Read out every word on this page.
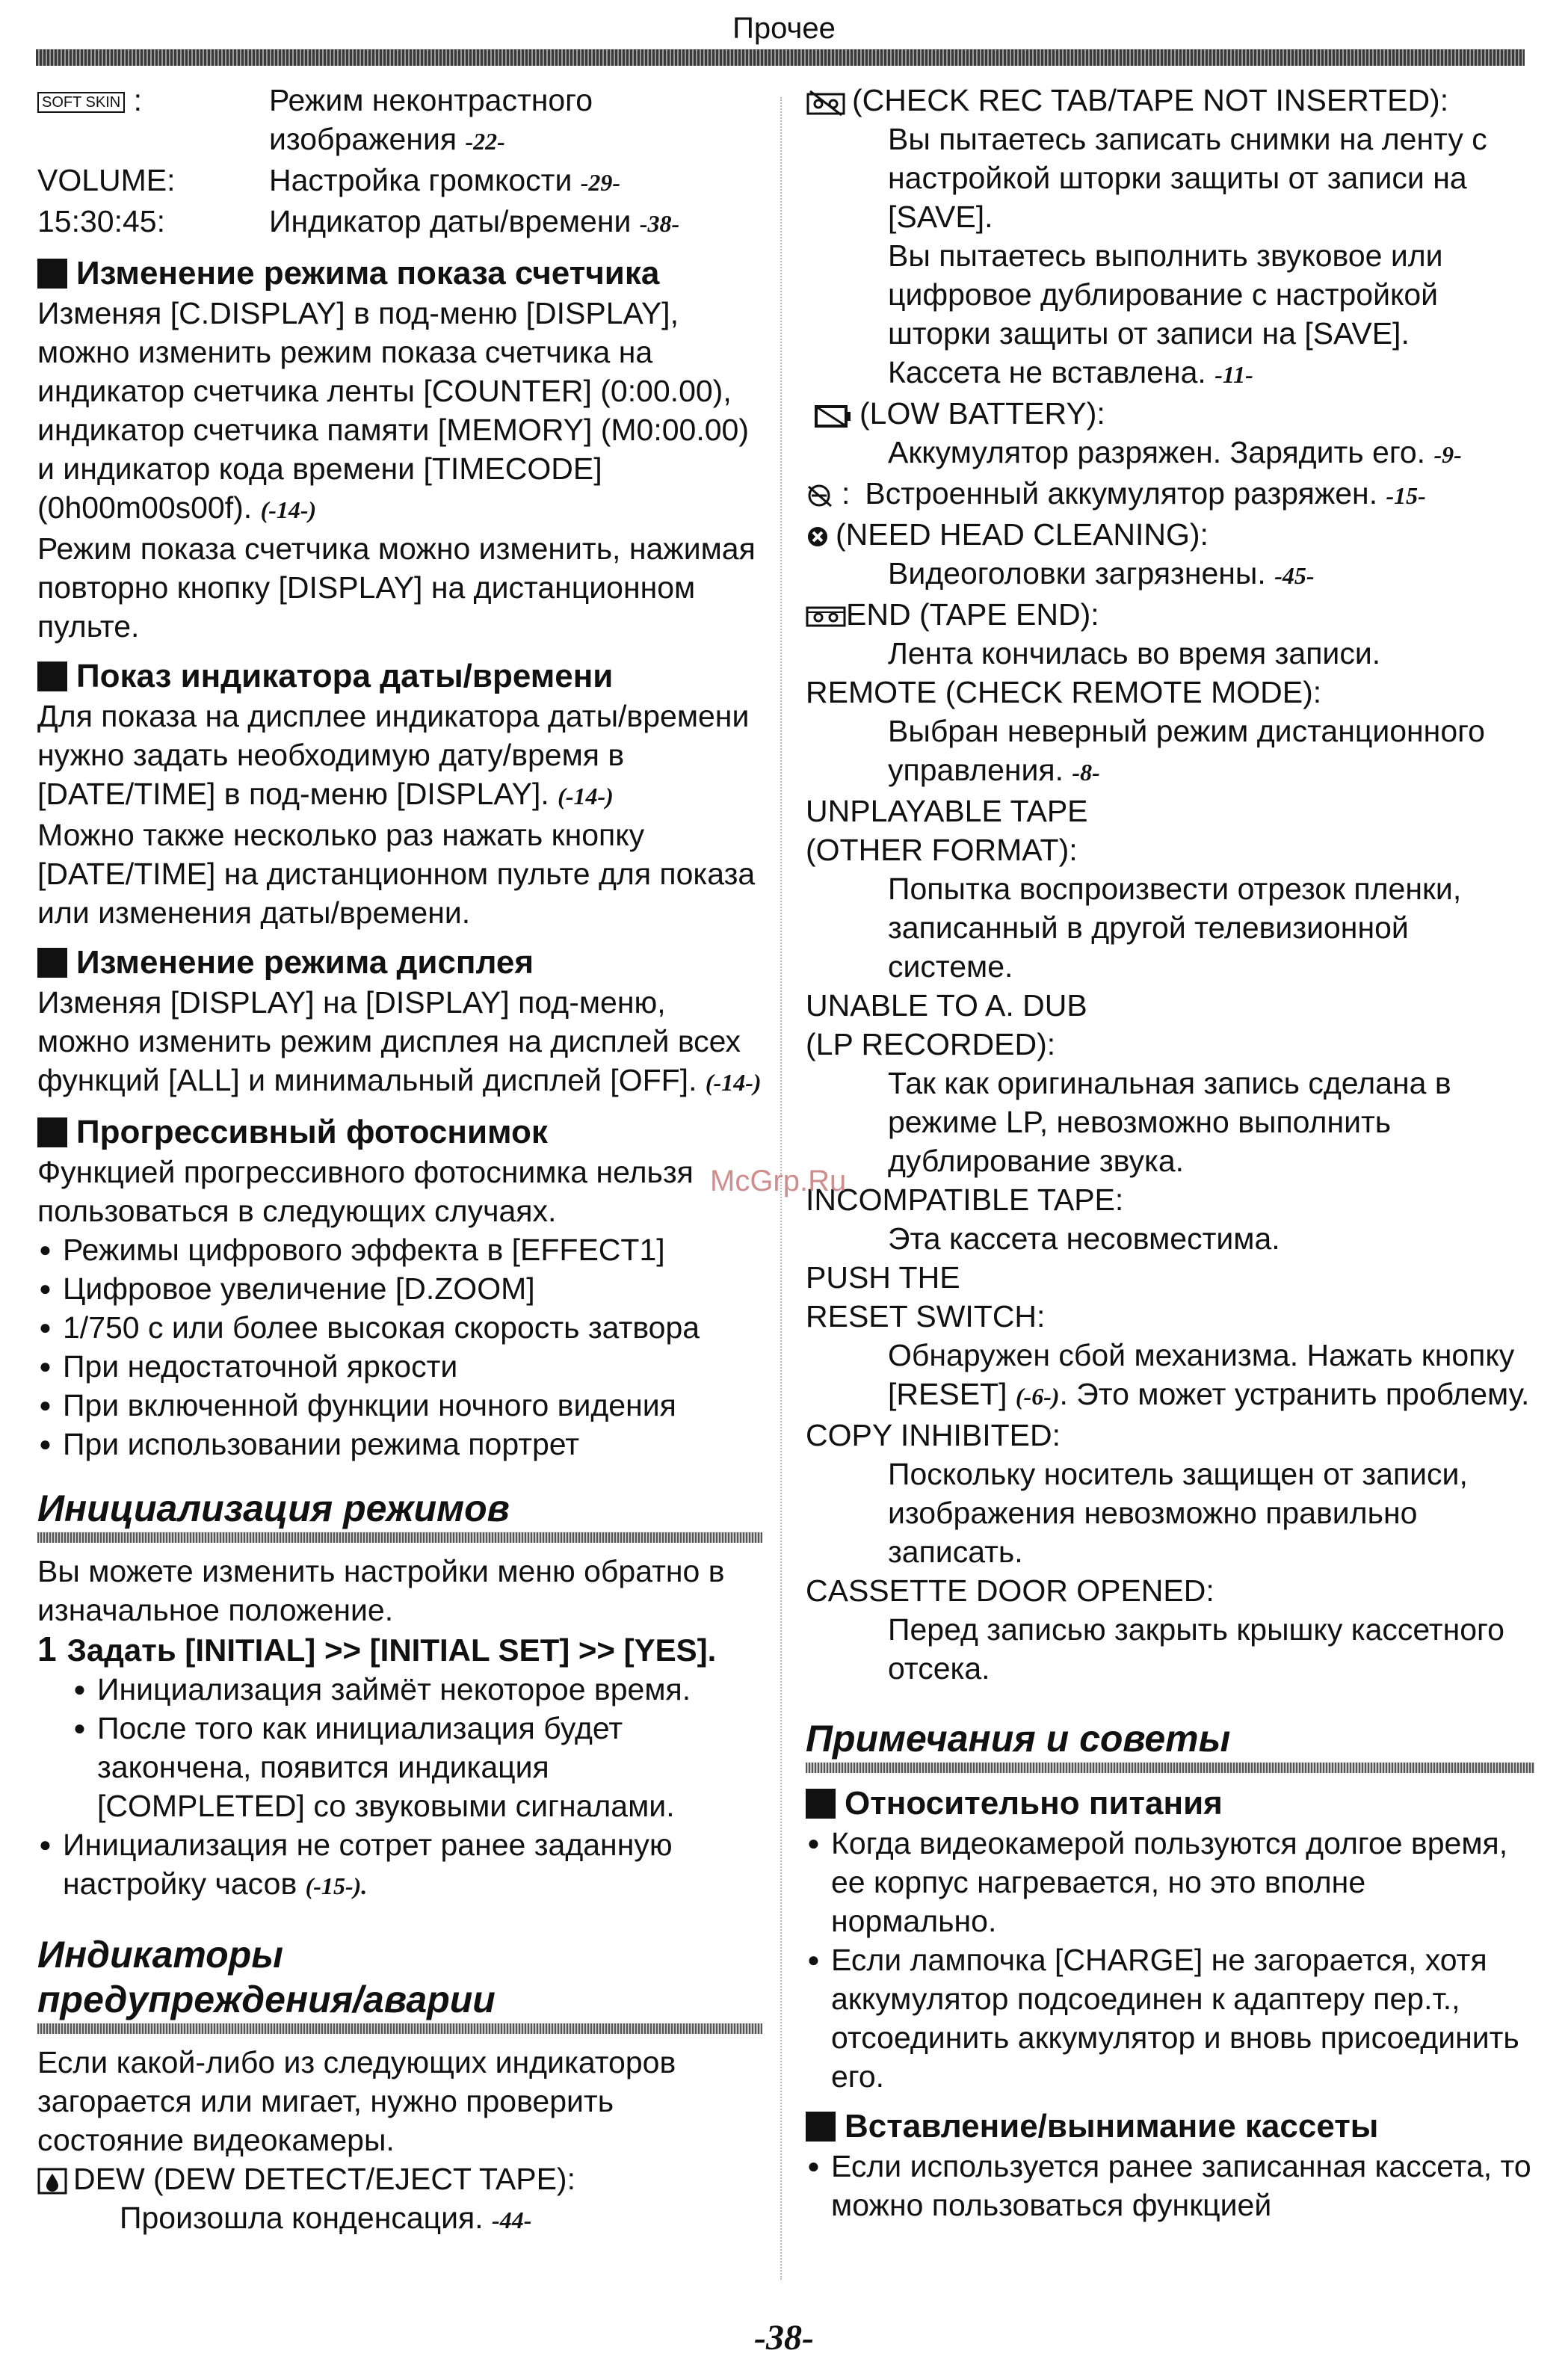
Прочее
SOFT SKIN :	Режим неконтрастного
изображения -22-
VOLUME:	Настройка громкости -29-
15:30:45:	Индикатор даты/времени -38-
Изменение режима показа счетчика

Изменяя [C.DISPLAY] в под-меню [DISPLAY], можно изменить режим показа счетчика на индикатор счетчика ленты [COUNTER] (0:00.00), индикатор счетчика памяти [MEMORY] (M0:00.00) и индикатор кода времени [TIMECODE] (0h00m00s00f). (-14-)

Режим показа счетчика можно изменить, нажимая повторно кнопку [DISPLAY] на дистанционном пульте.

Показ индикатора даты/времени

Для показа на дисплее индикатора даты/времени нужно задать необходимую дату/время в [DATE/TIME] в под-меню [DISPLAY]. (-14-)

Можно также несколько раз нажать кнопку [DATE/TIME] на дистанционном пульте для показа или изменения даты/времени.

Изменение режима дисплея

Изменяя [DISPLAY] на [DISPLAY] под-меню, можно изменить режим дисплея на дисплей всех функций [ALL] и минимальный дисплей [OFF]. (-14-)

Прогрессивный фотоснимок

Функцией прогрессивного фотоснимка нельзя пользоваться в следующих случаях.

● Режимы цифрового эффекта в [EFFECT1]
● Цифровое увеличение [D.ZOOM]
● 1/750 с или более высокая скорость затвора
● При недостаточной яркости
● При включенной функции ночного видения
● При использовании режима портрет
Инициализация режимов

Вы можете изменить настройки меню обратно в изначальное положение.

1 Задать [INITIAL] >> [INITIAL SET] >> [YES].

● Инициализация займёт некоторое время.
● После того как инициализация будет закончена, появится индикация [COMPLETED] со звуковыми сигналами.
● Инициализация не сотрет ранее заданную настройку часов (-15-).
Индикаторы
предупреждения/аварии

Если какой-либо из следующих индикаторов загорается или мигает, нужно проверить состояние видеокамеры.

DEW (DEW DETECT/EJECT TAPE):
Произошла конденсация. -44-
(CHECK REC TAB/TAPE NOT INSERTED):
Вы пытаетесь записать снимки на ленту с настройкой шторки защиты от записи на [SAVE].
Вы пытаетесь выполнить звуковое или цифровое дублирование с настройкой шторки защиты от записи на [SAVE].
Кассета не вставлена. -11-
(LOW BATTERY):
Аккумулятор разряжен. Зарядить его. -9-
: Встроенный аккумулятор разряжен. -15-
(NEED HEAD CLEANING):
Видеоголовки загрязнены. -45-
END (TAPE END):
Лента кончилась во время записи.
REMOTE (CHECK REMOTE MODE):
Выбран неверный режим дистанционного управления. -8-
UNPLAYABLE TAPE
(OTHER FORMAT):
Попытка воспроизвести отрезок пленки, записанный в другой телевизионной системе.
UNABLE TO A. DUB
(LP RECORDED):
Так как оригинальная запись сделана в режиме LP, невозможно выполнить дублирование звука.
INCOMPATIBLE TAPE:
Эта кассета несовместима.
PUSH THE
RESET SWITCH:
Обнаружен сбой механизма. Нажать кнопку [RESET] (-6-). Это может устранить проблему.
COPY INHIBITED:
Поскольку носитель защищен от записи, изображения невозможно правильно записать.
CASSETTE DOOR OPENED:
Перед записью закрыть крышку кассетного отсека.
Примечания и советы
Относительно питания
● Когда видеокамерой пользуются долгое время, ее корпус нагревается, но это вполне нормально.
● Если лампочка [CHARGE] не загорается, хотя аккумулятор подсоединен к адаптеру пер.т., отсоединить аккумулятор и вновь присоединить его.
Вставление/вынимание кассеты
● Если используется ранее записанная кассета, то можно пользоваться функцией
McGrp.Ru
-38-
